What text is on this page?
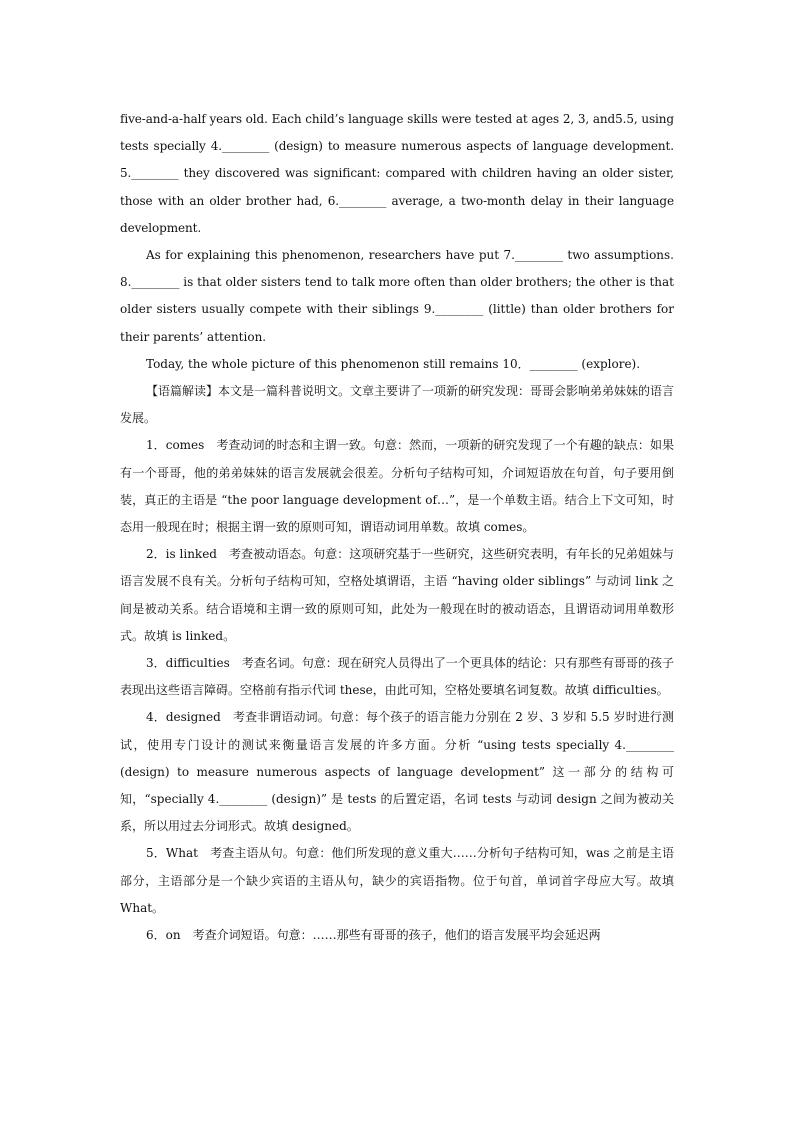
five-and-a-half years old. Each child’s language skills were tested at ages 2, 3, and5.5, using tests specially 4.________ (design) to measure numerous aspects of language development. 5.________ they discovered was significant: compared with children having an older sister, those with an older brother had, 6.________ average, a two-month delay in their language development.

As for explaining this phenomenon, researchers have put 7.________ two assumptions. 8.________ is that older sisters tend to talk more often than older brothers; the other is that older sisters usually compete with their siblings 9.________ (little) than older brothers for their parents’ attention.

Today, the whole picture of this phenomenon still remains 10．________ (explore).

【语篇解读】本文是一篇科普说明文。文章主要讲了一项新的研究发现：哥哥会影响弟弟妹妹的语言发展。

1．comes　考查动词的时态和主谓一致。句意：然而，一项新的研究发现了一个有趣的缺点：如果有一个哥哥，他的弟弟妹妹的语言发展就会很差。分析句子结构可知，介词短语放在句首，句子要用倒装，真正的主语是 “the poor language development of…”，是一个单数主语。结合上下文可知，时态用一般现在时；根据主谓一致的原则可知，谓语动词用单数。故填 comes。

2．is linked　考查被动语态。句意：这项研究基于一些研究，这些研究表明，有年长的兄弟姐妹与语言发展不良有关。分析句子结构可知，空格处填谓语，主语 “having older siblings” 与动词 link 之间是被动关系。结合语境和主谓一致的原则可知，此处为一般现在时的被动语态，且谓语动词用单数形式。故填 is linked。

3．difficulties　考查名词。句意：现在研究人员得出了一个更具体的结论：只有那些有哥哥的孩子表现出这些语言障碍。空格前有指示代词 these，由此可知，空格处要填名词复数。故填 difficulties。

4．designed　考查非谓语动词。句意：每个孩子的语言能力分别在 2 岁、3 岁和 5.5 岁时进行测试，使用专门设计的测试来衡量语言发展的许多方面。分析 “using tests specially 4.________ (design) to measure numerous aspects of language development” 这一部分的结构可知，“specially 4.________ (design)” 是 tests 的后置定语，名词 tests 与动词 design 之间为被动关系，所以用过去分词形式。故填 designed。

5．What　考查主语从句。句意：他们所发现的意义重大……分析句子结构可知，was 之前是主语部分，主语部分是一个缺少宾语的主语从句，缺少的宾语指物。位于句首，单词首字母应大写。故填 What。

6．on　考查介词短语。句意：……那些有哥哥的孩子，他们的语言发展平均会延迟两
